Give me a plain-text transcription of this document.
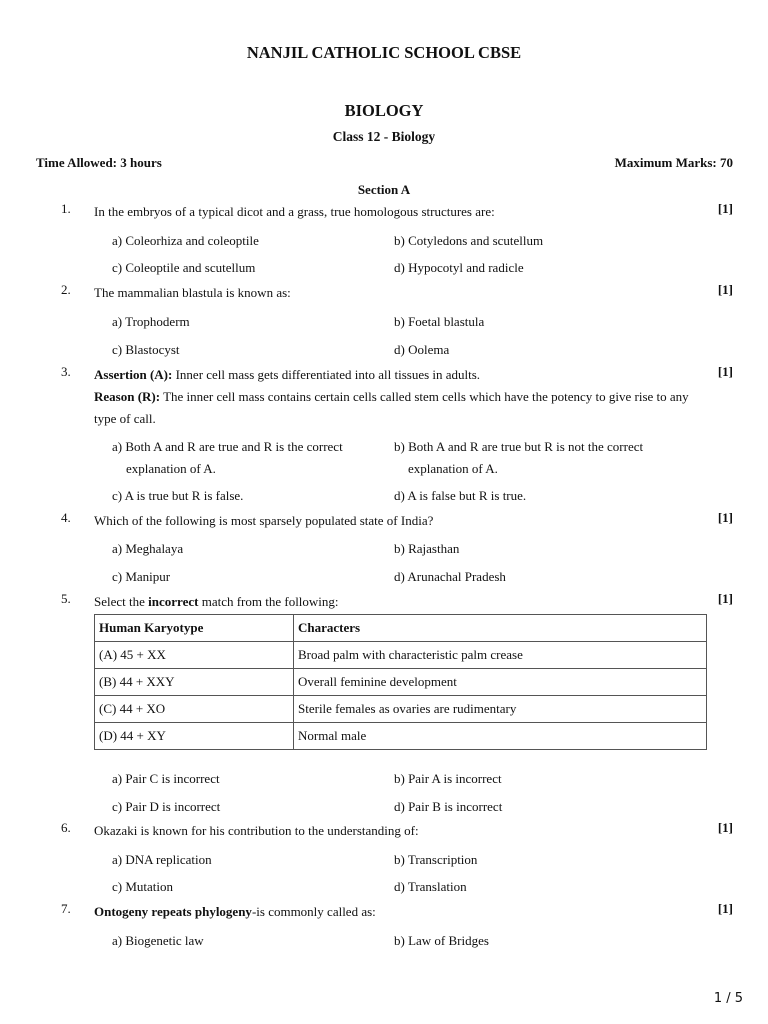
NANJIL CATHOLIC SCHOOL CBSE
BIOLOGY
Class 12 - Biology
Time Allowed: 3 hours	Maximum Marks: 70
Section A
1. In the embryos of a typical dicot and a grass, true homologous structures are:	[1]
a) Coleorhiza and coleoptile	b) Cotyledons and scutellum
c) Coleoptile and scutellum	d) Hypocotyl and radicle
2. The mammalian blastula is known as:	[1]
a) Trophoderm	b) Foetal blastula
c) Blastocyst	d) Oolema
3. Assertion (A): Inner cell mass gets differentiated into all tissues in adults.
Reason (R): The inner cell mass contains certain cells called stem cells which have the potency to give rise to any type of call.
[1]
a) Both A and R are true and R is the correct explanation of A.
b) Both A and R are true but R is not the correct explanation of A.
c) A is true but R is false.	d) A is false but R is true.
4. Which of the following is most sparsely populated state of India?	[1]
a) Meghalaya	b) Rajasthan
c) Manipur	d) Arunachal Pradesh
5. Select the incorrect match from the following:	[1]
Human Karyotype	Characters
(A) 45 + XX	Broad palm with characteristic palm crease
(B) 44 + XXY	Overall feminine development
(C) 44 + XO	Sterile females as ovaries are rudimentary
(D) 44 + XY	Normal male
a) Pair C is incorrect	b) Pair A is incorrect
c) Pair D is incorrect	d) Pair B is incorrect
6. Okazaki is known for his contribution to the understanding of:	[1]
a) DNA replication	b) Transcription
c) Mutation	d) Translation
7. Ontogeny repeats phylogeny-is commonly called as:	[1]
a) Biogenetic law	b) Law of Bridges
1 / 5
